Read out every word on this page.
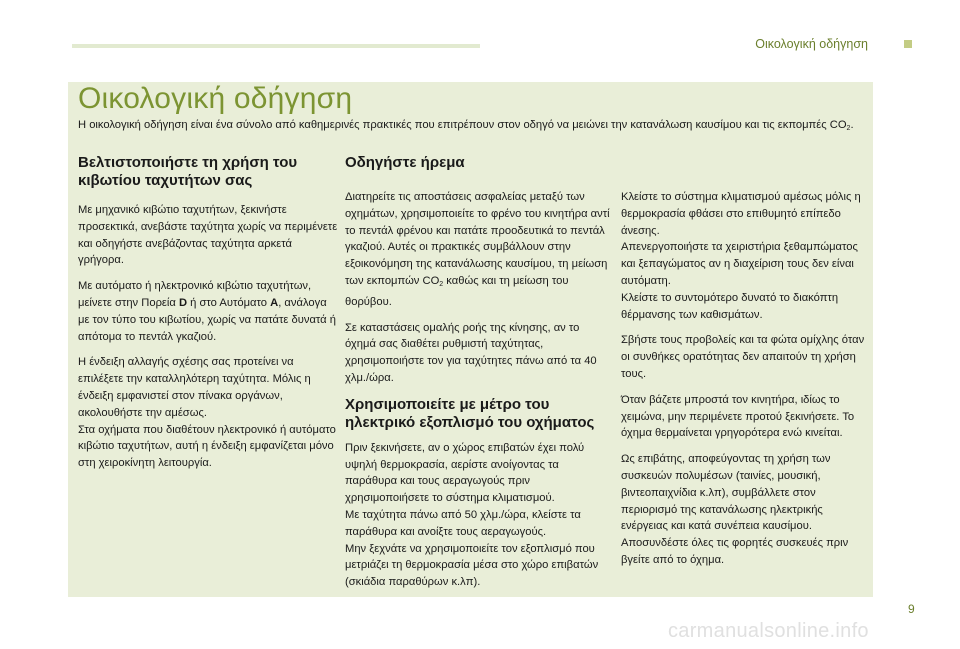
Οικολογική οδήγηση
Οικολογική οδήγηση

Η οικολογική οδήγηση είναι ένα σύνολο από καθημερινές πρακτικές που επιτρέπουν στον οδηγό να μειώνει την κατανάλωση καυσίμου και τις εκπομπές $CO_2$.

Βελτιστοποιήστε τη χρήση του κιβωτίου ταχυτήτων σας

Με μηχανικό κιβώτιο ταχυτήτων, ξεκινήστε προσεκτικά, ανεβάστε ταχύτητα χωρίς να περιμένετε και οδηγήστε ανεβάζοντας ταχύτητα αρκετά γρήγορα.

Με αυτόματο ή ηλεκτρονικό κιβώτιο ταχυτήτων, μείνετε στην Πορεία D ή στο Αυτόματο A, ανάλογα με τον τύπο του κιβωτίου, χωρίς να πατάτε δυνατά ή απότομα το πεντάλ γκαζιού.

Η ένδειξη αλλαγής σχέσης σας προτείνει να επιλέξετε την καταλληλότερη ταχύτητα. Μόλις η ένδειξη εμφανιστεί στον πίνακα οργάνων, ακολουθήστε την αμέσως.

Στα οχήματα που διαθέτουν ηλεκτρονικό ή αυτόματο κιβώτιο ταχυτήτων, αυτή η ένδειξη εμφανίζεται μόνο στη χειροκίνητη λειτουργία.

Οδηγήστε ήρεμα

Διατηρείτε τις αποστάσεις ασφαλείας μεταξύ των οχημάτων, χρησιμοποιείτε το φρένο του κινητήρα αντί το πεντάλ φρένου και πατάτε προοδευτικά το πεντάλ γκαζιού. Αυτές οι πρακτικές συμβάλλουν στην εξοικονόμηση της κατανάλωσης καυσίμου, τη μείωση των εκπομπών $CO_2$ καθώς και τη μείωση του θορύβου.

Σε καταστάσεις ομαλής ροής της κίνησης, αν το όχημά σας διαθέτει ρυθμιστή ταχύτητας, χρησιμοποιήστε τον για ταχύτητες πάνω από τα 40 χλμ./ώρα.

Χρησιμοποιείτε με μέτρο του ηλεκτρικό εξοπλισμό του οχήματος

Πριν ξεκινήσετε, αν ο χώρος επιβατών έχει πολύ υψηλή θερμοκρασία, αερίστε ανοίγοντας τα παράθυρα και τους αεραγωγούς πριν χρησιμοποιήσετε το σύστημα κλιματισμού.

Με ταχύτητα πάνω από 50 χλμ./ώρα, κλείστε τα παράθυρα και ανοίξτε τους αεραγωγούς.

Μην ξεχνάτε να χρησιμοποιείτε τον εξοπλισμό που μετριάζει τη θερμοκρασία μέσα στο χώρο επιβατών (σκιάδια παραθύρων κ.λπ).

Κλείστε το σύστημα κλιματισμού αμέσως μόλις η θερμοκρασία φθάσει στο επιθυμητό επίπεδο άνεσης.

Απενεργοποιήστε τα χειριστήρια ξεθαμπώματος και ξεπαγώματος αν η διαχείριση τους δεν είναι αυτόματη.

Κλείστε το συντομότερο δυνατό το διακόπτη θέρμανσης των καθισμάτων.

Σβήστε τους προβολείς και τα φώτα ομίχλης όταν οι συνθήκες ορατότητας δεν απαιτούν τη χρήση τους.

Όταν βάζετε μπροστά τον κινητήρα, ιδίως το χειμώνα, μην περιμένετε προτού ξεκινήσετε. Το όχημα θερμαίνεται γρηγορότερα ενώ κινείται.

Ως επιβάτης, αποφεύγοντας τη χρήση των συσκευών πολυμέσων (ταινίες, μουσική, βιντεοπαιχνίδια κ.λπ), συμβάλλετε στον περιορισμό της κατανάλωσης ηλεκτρικής ενέργειας και κατά συνέπεια καυσίμου.

Αποσυνδέστε όλες τις φορητές συσκευές πριν βγείτε από το όχημα.

9
carmanualsonline.info
